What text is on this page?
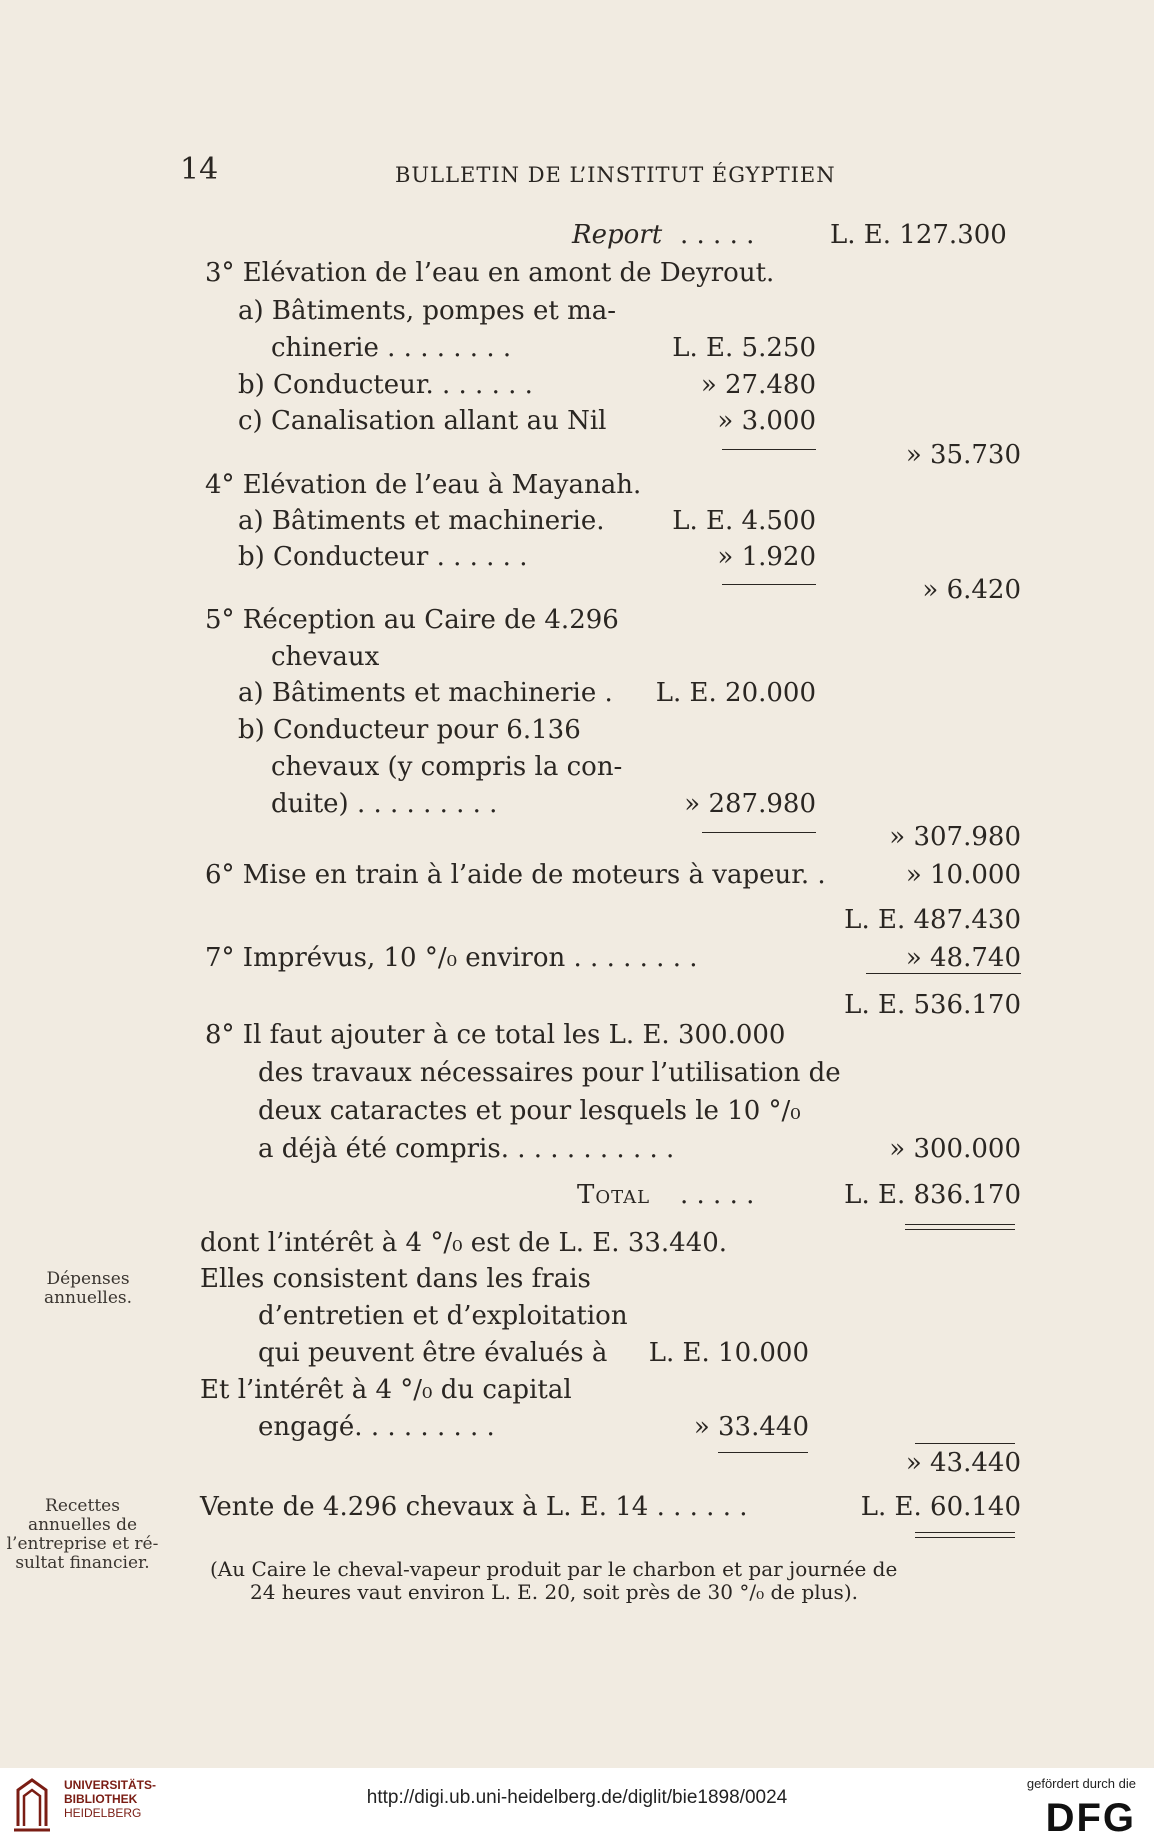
14	BULLETIN DE L’INSTITUT ÉGYPTIEN
Report . . . . .	L. E. 127.300
3° Elévation de l’eau en amont de Deyrout.
a) Bâtiments, pompes et ma-
chinerie . . . . . . . .	L. E. 5.250
b) Conducteur. . . . . . .	» 27.480
c) Canalisation allant au Nil	» 3.000
» 35.730
4° Elévation de l’eau à Mayanah.
a) Bâtiments et machinerie.	L. E. 4.500
b) Conducteur . . . . . .	» 1.920
» 6.420
5° Réception au Caire de 4.296
chevaux
a) Bâtiments et machinerie . L. E. 20.000
b) Conducteur pour 6.136
chevaux (y compris la con-
duite) . . . . . . . . .	» 287.980
» 307.980
6° Mise en train à l’aide de moteurs à vapeur. .	» 10.000
L. E. 487.430
7° Imprévus, 10 °/₀ environ . . . . . . . .	» 48.740
L. E. 536.170
8° Il faut ajouter à ce total les L. E. 300.000
des travaux nécessaires pour l’utilisation de
deux cataractes et pour lesquels le 10 °/₀
a déjà été compris. . . . . . . . . . .	» 300.000
Total . . . . .	L. E. 836.170
dont l’intérêt à 4 °/₀ est de L. E. 33.440.
Elles consistent dans les frais
d’entretien et d’exploitation
qui peuvent être évalués à L. E. 10.000
Et l’intérêt à 4 °/₀ du capital
engagé. . . . . . . . .	» 33.440
» 43.440
Vente de 4.296 chevaux à L. E. 14 . . . . . .	L. E. 60.140
(Au Caire le cheval-vapeur produit par le charbon et par journée de
24 heures vaut environ L. E. 20, soit près de 30 °/₀ de plus).
Dépenses
annuelles.
Recettes
annuelles de
l’entreprise et ré-
sultat financier.
UNIVERSITÄTS-
BIBLIOTHEK
HEIDELBERG
http://digi.ub.uni-heidelberg.de/diglit/bie1898/0024
gefördert durch die
DFG
